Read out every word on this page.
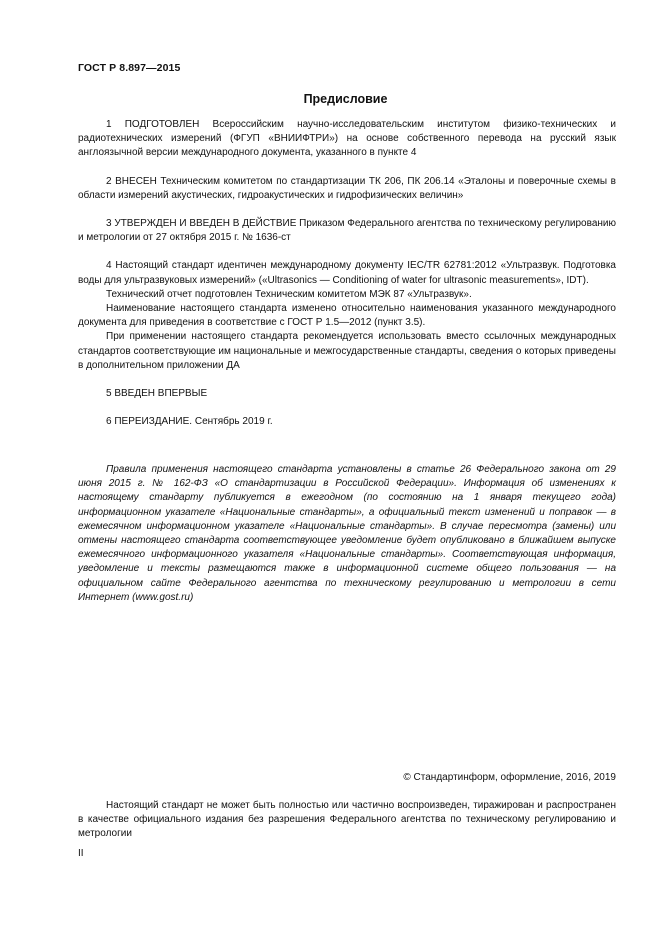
ГОСТ Р 8.897—2015
Предисловие

1 ПОДГОТОВЛЕН Всероссийским научно-исследовательским институтом физико-технических и радиотехнических измерений (ФГУП «ВНИИФТРИ») на основе собственного перевода на русский язык англоязычной версии международного документа, указанного в пункте 4

2 ВНЕСЕН Техническим комитетом по стандартизации ТК 206, ПК 206.14 «Эталоны и поверочные схемы в области измерений акустических, гидроакустических и гидрофизических величин»

3 УТВЕРЖДЕН И ВВЕДЕН В ДЕЙСТВИЕ Приказом Федерального агентства по техническому регулированию и метрологии от 27 октября 2015 г. № 1636-ст

4 Настоящий стандарт идентичен международному документу IEC/TR 62781:2012 «Ультразвук. Подготовка воды для ультразвуковых измерений» («Ultrasonics — Conditioning of water for ultrasonic measurements», IDT).

Технический отчет подготовлен Техническим комитетом МЭК 87 «Ультразвук».

Наименование настоящего стандарта изменено относительно наименования указанного международного документа для приведения в соответствие с ГОСТ Р 1.5—2012 (пункт 3.5).

При применении настоящего стандарта рекомендуется использовать вместо ссылочных международных стандартов соответствующие им национальные и межгосударственные стандарты, сведения о которых приведены в дополнительном приложении ДА

5 ВВЕДЕН ВПЕРВЫЕ

6 ПЕРЕИЗДАНИЕ. Сентябрь 2019 г.

Правила применения настоящего стандарта установлены в статье 26 Федерального закона от 29 июня 2015 г. № 162-ФЗ «О стандартизации в Российской Федерации». Информация об изменениях к настоящему стандарту публикуется в ежегодном (по состоянию на 1 января текущего года) информационном указателе «Национальные стандарты», а официальный текст изменений и поправок — в ежемесячном информационном указателе «Национальные стандарты». В случае пересмотра (замены) или отмены настоящего стандарта соответствующее уведомление будет опубликовано в ближайшем выпуске ежемесячного информационного указателя «Национальные стандарты». Соответствующая информация, уведомление и тексты размещаются также в информационной системе общего пользования — на официальном сайте Федерального агентства по техническому регулированию и метрологии в сети Интернет (www.gost.ru)

© Стандартинформ, оформление, 2016, 2019

Настоящий стандарт не может быть полностью или частично воспроизведен, тиражирован и распространен в качестве официального издания без разрешения Федерального агентства по техническому регулированию и метрологии

II
